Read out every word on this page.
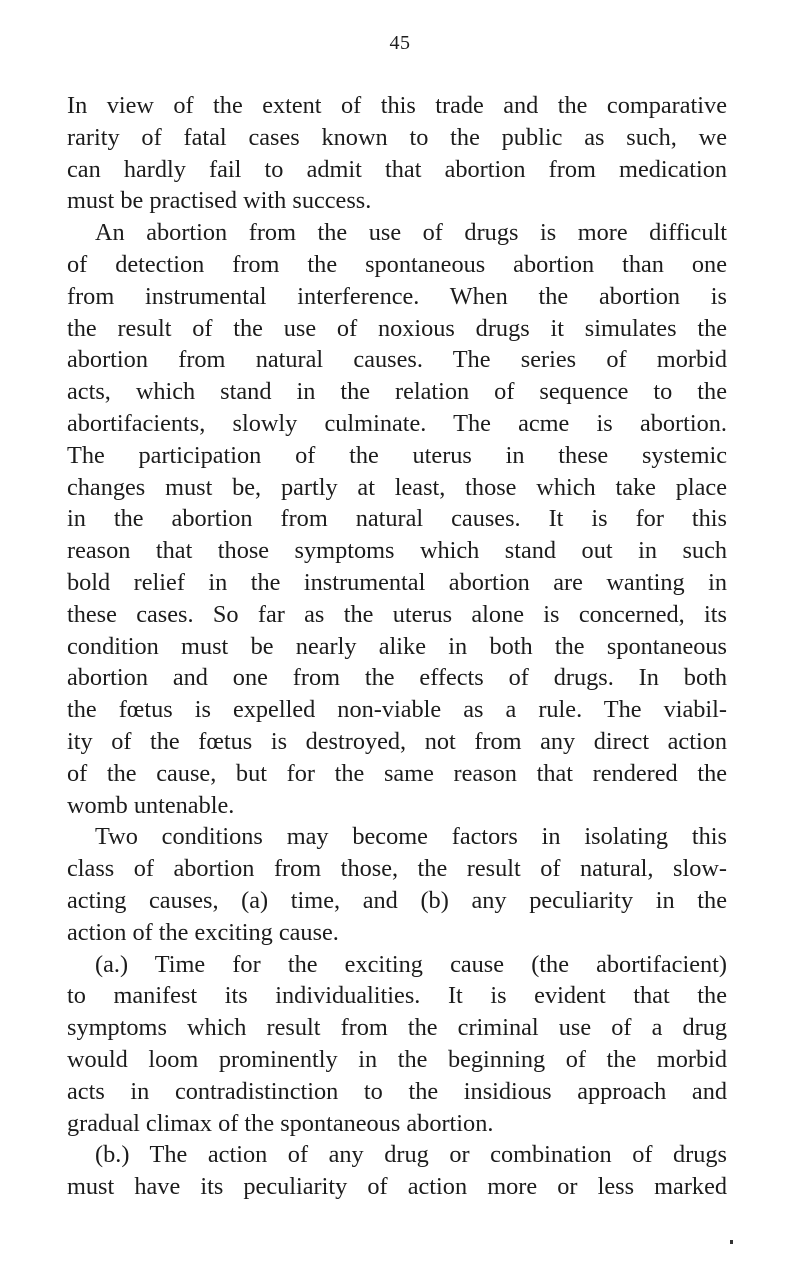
45
In view of the extent of this trade and the comparative
rarity of fatal cases known to the public as such, we
can hardly fail to admit that abortion from medication
must be practised with success.
An abortion from the use of drugs is more difficult
of detection from the spontaneous abortion than one
from instrumental interference. When the abortion is
the result of the use of noxious drugs it simulates the
abortion from natural causes. The series of morbid
acts, which stand in the relation of sequence to the
abortifacients, slowly culminate. The acme is abortion.
The participation of the uterus in these systemic
changes must be, partly at least, those which take place
in the abortion from natural causes. It is for this
reason that those symptoms which stand out in such
bold relief in the instrumental abortion are wanting in
these cases. So far as the uterus alone is concerned, its
condition must be nearly alike in both the spontaneous
abortion and one from the effects of drugs. In both
the fœtus is expelled non-viable as a rule. The viabil-
ity of the fœtus is destroyed, not from any direct action
of the cause, but for the same reason that rendered the
womb untenable.
Two conditions may become factors in isolating this
class of abortion from those, the result of natural, slow-
acting causes, (a) time, and (b) any peculiarity in the
action of the exciting cause.
(a.) Time for the exciting cause (the abortifacient)
to manifest its individualities. It is evident that the
symptoms which result from the criminal use of a drug
would loom prominently in the beginning of the morbid
acts in contradistinction to the insidious approach and
gradual climax of the spontaneous abortion.
(b.) The action of any drug or combination of drugs
must have its peculiarity of action more or less marked
